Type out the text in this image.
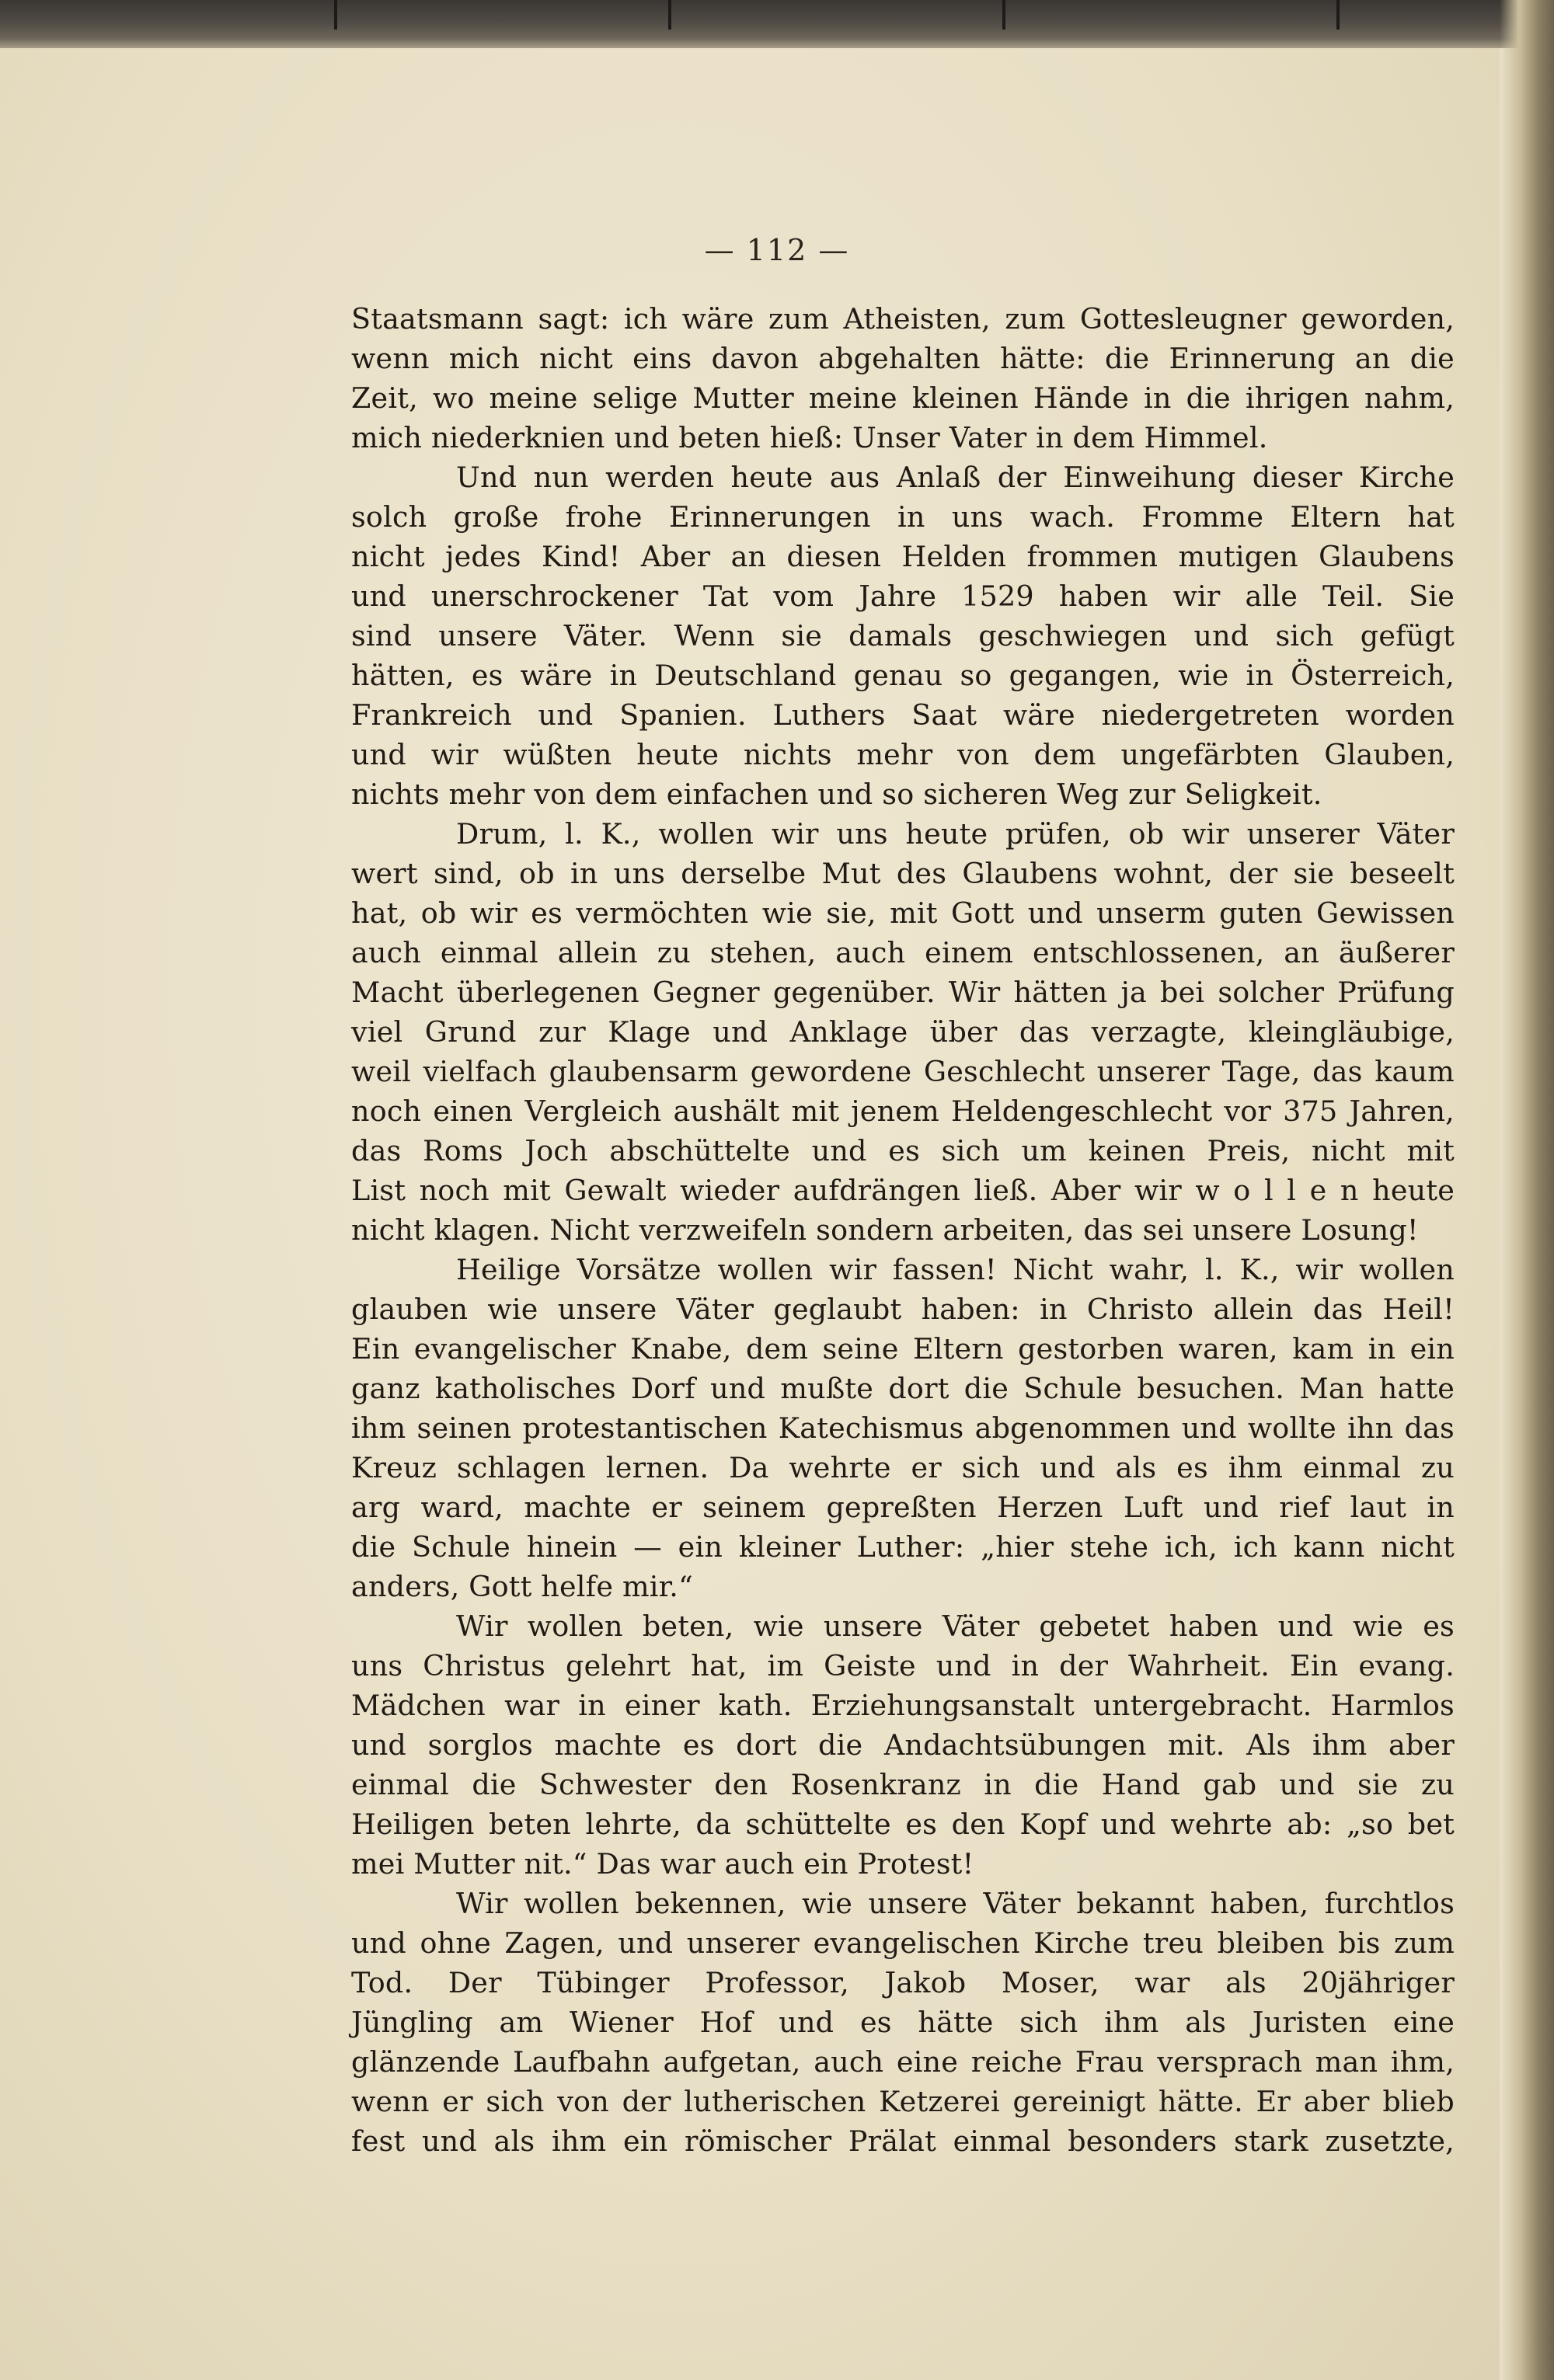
— 112 —
Staatsmann sagt: ich wäre zum Atheisten, zum Gottesleugner geworden,
wenn mich nicht eins davon abgehalten hätte: die Erinnerung an die
Zeit, wo meine selige Mutter meine kleinen Hände in die ihrigen nahm,
mich niederknien und beten hieß: Unser Vater in dem Himmel.
Und nun werden heute aus Anlaß der Einweihung dieser Kirche
solch große frohe Erinnerungen in uns wach. Fromme Eltern hat
nicht jedes Kind! Aber an diesen Helden frommen mutigen Glaubens
und unerschrockener Tat vom Jahre 1529 haben wir alle Teil. Sie
sind unsere Väter. Wenn sie damals geschwiegen und sich gefügt
hätten, es wäre in Deutschland genau so gegangen, wie in Österreich,
Frankreich und Spanien. Luthers Saat wäre niedergetreten worden
und wir wüßten heute nichts mehr von dem ungefärbten Glauben,
nichts mehr von dem einfachen und so sicheren Weg zur Seligkeit.
Drum, l. K., wollen wir uns heute prüfen, ob wir unserer Väter
wert sind, ob in uns derselbe Mut des Glaubens wohnt, der sie beseelt
hat, ob wir es vermöchten wie sie, mit Gott und unserm guten Gewissen
auch einmal allein zu stehen, auch einem entschlossenen, an äußerer
Macht überlegenen Gegner gegenüber. Wir hätten ja bei solcher Prüfung
viel Grund zur Klage und Anklage über das verzagte, kleingläubige,
weil vielfach glaubensarm gewordene Geschlecht unserer Tage, das kaum
noch einen Vergleich aushält mit jenem Heldengeschlecht vor 375 Jahren,
das Roms Joch abschüttelte und es sich um keinen Preis, nicht mit
List noch mit Gewalt wieder aufdrängen ließ. Aber wir w o l l e n heute
nicht klagen. Nicht verzweifeln sondern arbeiten, das sei unsere Losung!
Heilige Vorsätze wollen wir fassen! Nicht wahr, l. K., wir wollen
glauben wie unsere Väter geglaubt haben: in Christo allein das Heil!
Ein evangelischer Knabe, dem seine Eltern gestorben waren, kam in ein
ganz katholisches Dorf und mußte dort die Schule besuchen. Man hatte
ihm seinen protestantischen Katechismus abgenommen und wollte ihn das
Kreuz schlagen lernen. Da wehrte er sich und als es ihm einmal zu
arg ward, machte er seinem gepreßten Herzen Luft und rief laut in
die Schule hinein — ein kleiner Luther: „hier stehe ich, ich kann nicht
anders, Gott helfe mir.“
Wir wollen beten, wie unsere Väter gebetet haben und wie es
uns Christus gelehrt hat, im Geiste und in der Wahrheit. Ein evang.
Mädchen war in einer kath. Erziehungsanstalt untergebracht. Harmlos
und sorglos machte es dort die Andachtsübungen mit. Als ihm aber
einmal die Schwester den Rosenkranz in die Hand gab und sie zu
Heiligen beten lehrte, da schüttelte es den Kopf und wehrte ab: „so bet
mei Mutter nit.“ Das war auch ein Protest!
Wir wollen bekennen, wie unsere Väter bekannt haben, furchtlos
und ohne Zagen, und unserer evangelischen Kirche treu bleiben bis zum
Tod. Der Tübinger Professor, Jakob Moser, war als 20jähriger
Jüngling am Wiener Hof und es hätte sich ihm als Juristen eine
glänzende Laufbahn aufgetan, auch eine reiche Frau versprach man ihm,
wenn er sich von der lutherischen Ketzerei gereinigt hätte. Er aber blieb
fest und als ihm ein römischer Prälat einmal besonders stark zusetzte,
